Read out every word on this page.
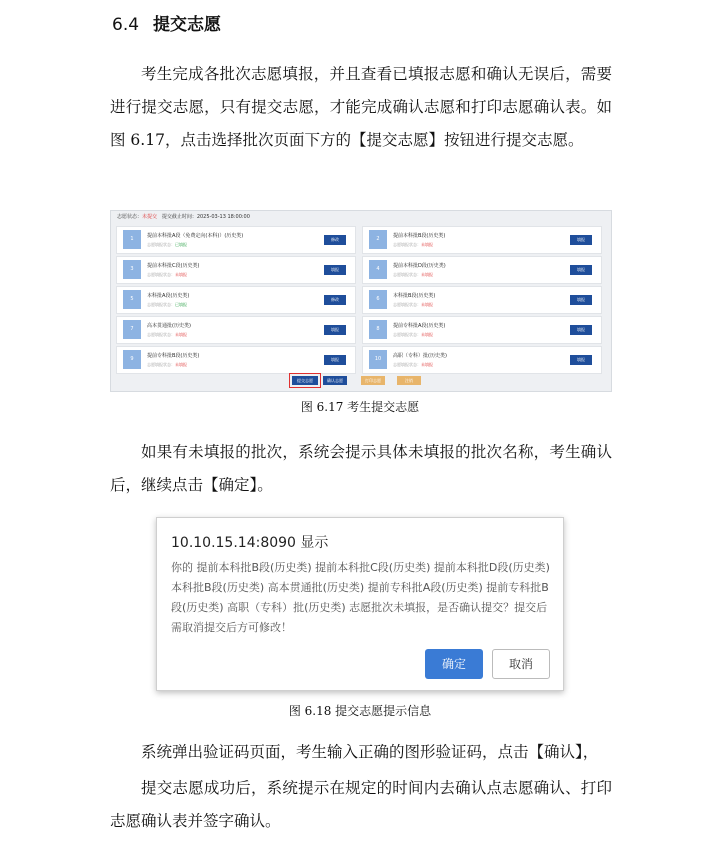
6.4 提交志愿

考生完成各批次志愿填报，并且查看已填报志愿和确认无误后，需要进行提交志愿，只有提交志愿，才能完成确认志愿和打印志愿确认表。如图 6.17，点击选择批次页面下方的【提交志愿】按钮进行提交志愿。

志愿状态：未提交 提交截止时间：2025-03-13 18:00:00
1	提前本科批A段（免费定向(本科)）(历史类)
志愿填报状态：已填报
修改
3	提前本科批C段(历史类)
志愿填报状态：未填报
填报
5	本科批A段(历史类)
志愿填报状态：已填报
修改
7	高本贯通批(历史类)
志愿填报状态：未填报
填报
9	提前专科批B段(历史类)
志愿填报状态：未填报
填报
2	提前本科批B段(历史类)
志愿填报状态：未填报
填报
4	提前本科批D段(历史类)
志愿填报状态：未填报
填报
6	本科批B段(历史类)
志愿填报状态：未填报
填报
8	提前专科批A段(历史类)
志愿填报状态：未填报
填报
10	高职（专科）批(历史类)
志愿填报状态：未填报
填报
提交志愿	确认志愿	打印志愿	注销
图 6.17 考生提交志愿

如果有未填报的批次，系统会提示具体未填报的批次名称，考生确认后，继续点击【确定】。

10.10.15.14:8090 显示
你的 提前本科批B段(历史类) 提前本科批C段(历史类) 提前本科批D段(历史类) 本科批B段(历史类) 高本贯通批(历史类) 提前专科批A段(历史类) 提前专科批B段(历史类) 高职（专科）批(历史类) 志愿批次未填报，是否确认提交？提交后需取消提交后方可修改！
确定	取消
图 6.18 提交志愿提示信息

系统弹出验证码页面，考生输入正确的图形验证码，点击【确认】，

提交志愿成功后，系统提示在规定的时间内去确认点志愿确认、打印志愿确认表并签字确认。
